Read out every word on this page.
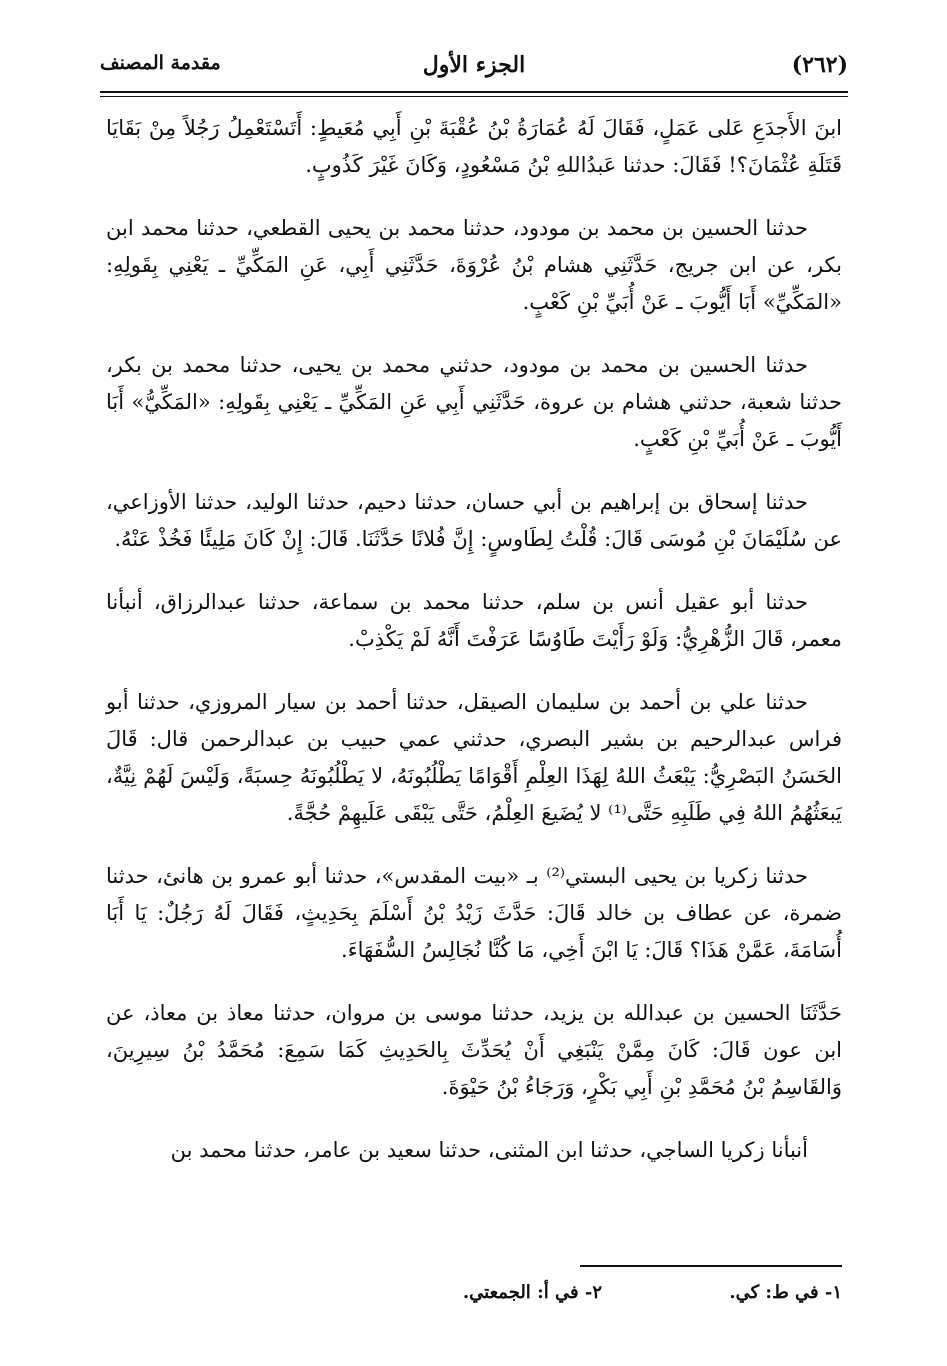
(٢٦٢)
الجزء الأول
مقدمة المصنف

ابنَ الأَجدَعِ عَلى عَمَلٍ، فَقَالَ لَهُ عُمَارَةُ بْنُ عُقْبَةَ بْنِ أَبِي مُعَيطٍ: أَتَسْتَعْمِلُ رَجُلاً مِنْ بَقَايَا قَتَلَةِ عُثْمَانَ؟! فَقَالَ: حدثنا عَبدُاللهِ بْنُ مَسْعُودٍ، وَكَانَ غَيْرَ كَذُوبٍ.

حدثنا الحسين بن محمد بن مودود، حدثنا محمد بن يحيى القطعي، حدثنا محمد ابن بكر، عن ابن جريج، حَدَّثَنِي هشام بْنُ عُرْوَةَ، حَدَّثَنِي أَبِي، عَنِ المَكِّيِّ ـ يَعْنِي بِقَولِهِ: «المَكِّيِّ» أَبَا أَيُّوبَ ـ عَنْ أُبَيِّ بْنِ كَعْبٍ.

حدثنا الحسين بن محمد بن مودود، حدثني محمد بن يحيى، حدثنا محمد بن بكر، حدثنا شعبة، حدثني هشام بن عروة، حَدَّثَنِي أَبِي عَنِ المَكِّيِّ ـ يَعْنِي بِقَولِهِ: «المَكِّيُّ» أَبَا أَيُّوبَ ـ عَنْ أُبَيِّ بْنِ كَعْبٍ.

حدثنا إسحاق بن إبراهيم بن أبي حسان، حدثنا دحيم، حدثنا الوليد، حدثنا الأوزاعي، عن سُلَيْمَانَ بْنِ مُوسَى قَالَ: قُلْتُ لِطَاوسٍ: إِنَّ فُلانًا حَدَّثَنَا. قَالَ: إِنْ كَانَ مَلِيئًا فَخُذْ عَنْهُ.

حدثنا أبو عقيل أنس بن سلم، حدثنا محمد بن سماعة، حدثنا عبدالرزاق، أنبأنا معمر، قَالَ الزُّهْرِيُّ: وَلَوْ رَأَيْتَ طَاوُسًا عَرَفْتَ أَنَّهُ لَمْ يَكْذِبْ.

حدثنا علي بن أحمد بن سليمان الصيقل، حدثنا أحمد بن سيار المروزي، حدثنا أبو فراس عبدالرحيم بن بشير البصري، حدثني عمي حبيب بن عبدالرحمن قال: قَالَ الحَسَنُ البَصْرِيُّ: يَبْعَثُ اللهُ لِهَذَا العِلْمِ أَقْوَامًا يَطْلُبُونَهُ، لا يَطْلُبُونَهُ حِسبَةً، وَلَيْسَ لَهُمْ نِيَّةٌ، يَبعَثُهُمُ اللهُ فِي طَلَبِهِ حَتَّى⁽¹⁾ لا يُضَيعَ العِلْمُ، حَتَّى يَبْقَى عَلَيهِمْ حُجَّةً.

حدثنا زكريا بن يحيى البستي⁽²⁾ بـ «بيت المقدس»، حدثنا أبو عمرو بن هانئ، حدثنا ضمرة، عن عطاف بن خالد قَالَ: حَدَّثَ زَيْدُ بْنُ أَسْلَمَ بِحَدِيثٍ، فَقَالَ لَهُ رَجُلٌ: يَا أَبَا أُسَامَةَ، عَمَّنْ هَذَا؟ قَالَ: يَا ابْنَ أَخِي، مَا كُنَّا نُجَالِسُ السُّفَهَاءَ.

حَدَّثَنَا الحسين بن عبدالله بن يزيد، حدثنا موسى بن مروان، حدثنا معاذ بن معاذ، عن ابن عون قَالَ: كَانَ مِمَّنْ يَنْبَغِي أَنْ يُحَدِّثَ بِالحَدِيثِ كَمَا سَمِعَ: مُحَمَّدُ بْنُ سِيرِينَ، وَالقَاسِمُ بْنُ مُحَمَّدِ بْنِ أَبِي بَكْرٍ، وَرَجَاءُ بْنُ حَيْوَةَ.

أنبأنا زكريا الساجي، حدثنا ابن المثنى، حدثنا سعيد بن عامر، حدثنا محمد بن

١- في ط: كي.
٢- في أ: الجمعتي.
